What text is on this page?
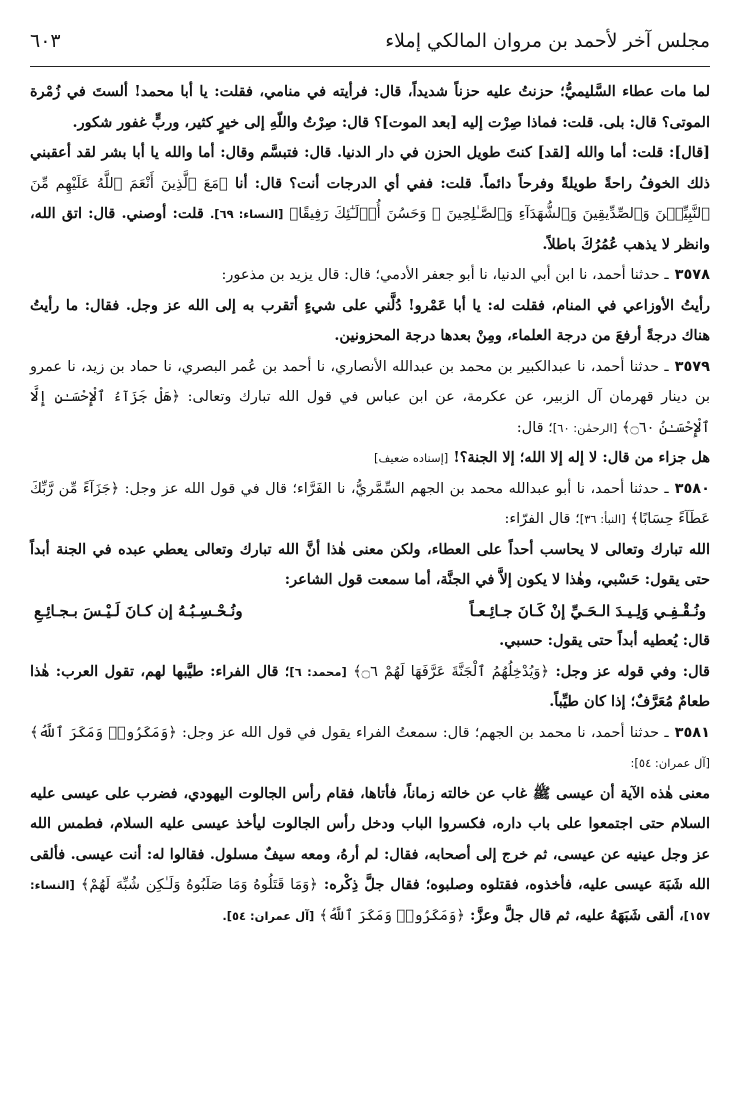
مجلس آخر لأحمد بن مروان المالكي إملاء
٦٠٣

لما مات عطاء السَّليميُّ؛ حزنتُ عليه حزناً شديداً، قال: فرأيته في منامي، فقلت: يا أبا محمد! ألستَ في زُمْرة الموتى؟ قال: بلى. قلت: فماذا صِرْت إليه [بعد الموت]؟ قال: صِرْتُ واللّهِ إلى خيرٍ كثير، وربٍّ غفور شكور.

[قال]: قلت: أما والله [لقد] كنتَ طويل الحزن في دار الدنيا. قال: فتبسَّم وقال: أما والله يا أبا بشر لقد أعقبني ذلك الخوفُ راحةً طويلةً وفرحاً دائماً. قلت: ففي أي الدرجات أنت؟ قال: أنا ﴿مَعَ ٱلَّذِينَ أَنْعَمَ ٱللَّهُ عَلَيْهِم مِّنَ ٱلنَّبِيِّـۧنَ وَٱلصِّدِّيقِينَ وَٱلشُّهَدَآءِ وَٱلصَّـٰلِحِينَ ۚ وَحَسُنَ أُو۟لَـٰٓئِكَ رَفِيقًا﴾ [النساء: ٦٩]. قلت: أوصني. قال: اتق الله، وانظر لا يذهب عُمُرُكَ باطلاً.

٣٥٧٨ـ حدثنا أحمد، نا ابن أبي الدنيا، نا أبو جعفر الأدمي؛ قال: قال يزيد بن مذعور:

رأيتُ الأوزاعي في المنام، فقلت له: يا أبا عَمْرو! دُلَّني على شيءٍ أتقرب به إلى الله عز وجل. فقال: ما رأيتُ هناك درجةً أرفعَ من درجة العلماء، ومِنْ بعدها درجة المحزونين.

٣٥٧٩ـ حدثنا أحمد، نا عبدالكبير بن محمد بن عبدالله الأنصاري، نا أحمد بن عُمر البصري، نا حماد بن زيد، نا عمرو بن دينار قهرمان آل الزبير، عن عكرمة، عن ابن عباس في قول الله تبارك وتعالى: ﴿هَلْ جَزَآءُ ٱلْإِحْسَـٰنِ إِلَّا ٱلْإِحْسَـٰنُ ۝٦٠﴾ [الرحمٰن: ٦٠]؛ قال:

هل جزاء من قال: لا إله إلا الله؛ إلا الجنة؟! [إسناده ضعيف]

٣٥٨٠ـ حدثنا أحمد، نا أبو عبدالله محمد بن الجهم السِّمَّريُّ، نا الفَرَّاء؛ قال في قول الله عز وجل: ﴿جَزَآءً مِّن رَّبِّكَ عَطَآءً حِسَابًا﴾ [النبأ: ٣٦]؛ قال الفرّاء:

الله تبارك وتعالى لا يحاسب أحداً على العطاء، ولكن معنى هٰذا أنَّ الله تبارك وتعالى يعطي عبده في الجنة أبداً حتى يقول: حَسْبي، وهٰذا لا يكون إلاَّ في الجنَّة، أما سمعت قول الشاعر:

ونُـقْـفِـي وَلِـيـدَ الـحَـيِّ إنْ كَـانَ جـائِـعـاً
ونُـحْـسِـبُـهُ إن كـانَ لَـيْـسَ بـجـائِـعِ

قال: يُعطيه أبداً حتى يقول: حسبي.

قال: وفي قوله عز وجل: ﴿وَيُدْخِلُهُمُ ٱلْجَنَّةَ عَرَّفَهَا لَهُمْ ۝٦﴾ [محمد: ٦]؛ قال الفراء: طيَّبها لهم، تقول العرب: هٰذا طعامٌ مُعَرَّفٌ؛ إذا كان طيِّباً.

٣٥٨١ـ حدثنا أحمد، نا محمد بن الجهم؛ قال: سمعتُ الفراء يقول في قول الله عز وجل: ﴿وَمَكَرُوا۟ وَمَكَرَ ٱللَّهُ﴾ [آل عمران: ٥٤]:

معنى هٰذه الآية أن عيسى ﷺ غاب عن خالته زماناً، فأتاها، فقام رأس الجالوت اليهودي، فضرب على عيسى عليه السلام حتى اجتمعوا على باب داره، فكسروا الباب ودخل رأس الجالوت ليأخذ عيسى عليه السلام، فطمس الله عز وجل عينيه عن عيسى، ثم خرج إلى أصحابه، فقال: لم أرهُ، ومعه سيفٌ مسلول. فقالوا له: أنت عيسى. فألقى الله شَبَهَ عيسى عليه، فأخذوه، فقتلوه وصلبوه؛ فقال جلَّ ذِكْره: ﴿وَمَا قَتَلُوهُ وَمَا صَلَبُوهُ وَلَـٰكِن شُبِّهَ لَهُمْ﴾ [النساء: ١٥٧]، ألقى شَبَهَهُ عليه، ثم قال جلَّ وعزَّ: ﴿وَمَكَرُوا۟ وَمَكَرَ ٱللَّهُ﴾ [آل عمران: ٥٤].
